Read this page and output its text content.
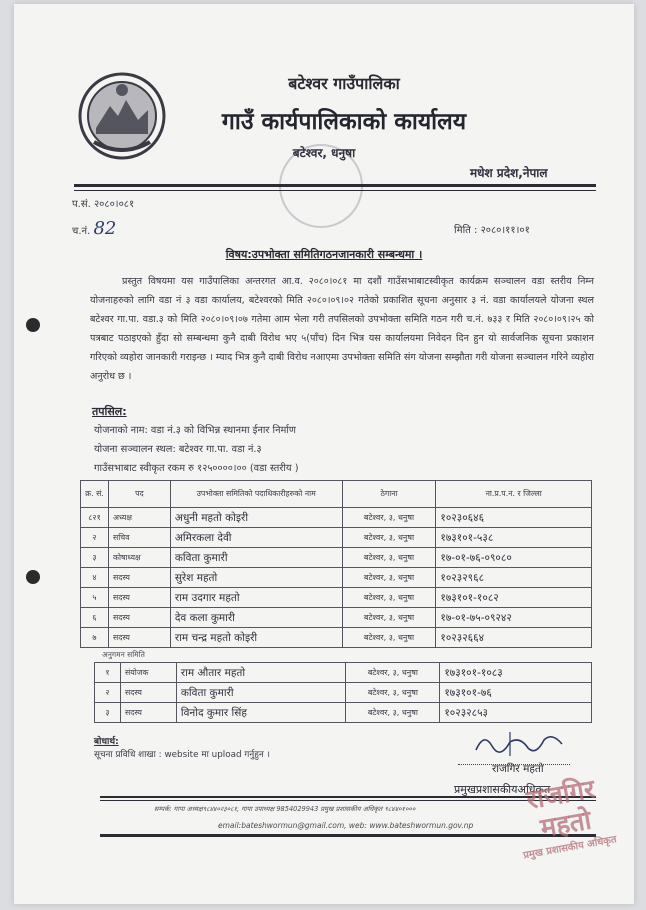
बटेश्वर गाउँपालिका
गाउँ कार्यपालिकाको कार्यालय
बटेश्वर, धनुषा
मधेश प्रदेश,नेपाल
प.सं. २०८०।०८१
च.नं. 82	मिति : २०८०।११।०१
विषय:उपभोक्ता समितिगठनजानकारी सम्बन्धमा ।
प्रस्तुत विषयमा यस गाउँपालिका अन्तरगत आ.व. २०८०।०८१ मा दशौं गाउँसभाबाटस्वीकृत कार्यक्रम सञ्चालन वडा स्तरीय निम्न योजनाहरुको लागि वडा नं ३ वडा कार्यालय, बटेश्वरको मिति २०८०।०९।०२ गतेको प्रकाशित सूचना अनुसार ३ नं. वडा कार्यालयले योजना स्थल बटेश्वर गा.पा. वडा.३ को मिति २०८०।०९।०७ गतेमा आम भेला गरी तपसिलको उपभोक्ता समिति गठन गरी च.नं. ७३३ र मिति २०८०।०९।२५ को पत्रबाट पठाइएको हुँदा सो सम्बन्धमा कुनै दाबी विरोध भए ५(पाँच) दिन भित्र यस कार्यालयमा निवेदन दिन हुन यो सार्वजनिक सूचना प्रकाशन गरिएको व्यहोरा जानकारी गराइन्छ । म्याद भित्र कुनै दाबी विरोध नआएमा उपभोक्ता समिति संग योजना सम्झौता गरी योजना सञ्चालन गरिने व्यहोरा अनुरोध छ ।
तपसिल:
योजनाको नाम: वडा नं.३ को विभिन्न स्थानमा ईनार निर्माण
योजना सञ्चालन स्थल: बटेश्वर गा.पा. वडा नं.३
गाउँसभाबाट स्वीकृत रकम रु १२५००००।०० (वडा स्तरीय )
क्र. सं.	पद	उपभोक्ता समितिको पदाधिकारीहरुको नाम	ठेगाना	ना.प्र.प.न. र जिल्ला
८२१	अध्यक्ष	अधुनी महतो कोइरी	बटेश्वर, ३, धनुषा	१०२३०६४६
२	सचिव	अमिरकला देवी	बटेश्वर, ३, धनुषा	१७३१०१-५३८
३	कोषाध्यक्ष	कविता कुमारी	बटेश्वर, ३, धनुषा	१७-०१-७६-०९०८०
४	सदस्य	सुरेश महतो	बटेश्वर, ३, धनुषा	१०२३२९६८
५	सदस्य	राम उदगार महतो	बटेश्वर, ३, धनुषा	१७३१०१-१०८२
६	सदस्य	देव कला कुमारी	बटेश्वर, ३, धनुषा	१७-०१-७५-०९२४२
७	सदस्य	राम चन्द्र महतो कोइरी	बटेश्वर, ३, धनुषा	१०२३२६६४
अनुगमन समिति
१	संयोजक	राम औतार महतो	बटेश्वर, ३, धनुषा	१७३१०१-१०८३
२	सदस्य	कविता कुमारी	बटेश्वर, ३, धनुषा	१७३१०१-७६
३	सदस्य	विनोद कुमार सिंह	बटेश्वर, ३, धनुषा	१०२३२८५३
बोधार्थ:
सूचना प्रविधि शाखा : website मा upload गर्नुहुन ।
राजगिर महतो
प्रमुखप्रशासकीयअधिकृत
सम्पर्क: गापा अध्यक्ष९८४४०२३०८१, गापा उपाध्यक्ष 9854029943 प्रमुख प्रशासकीय अधिकृत ९८४४०१०००
email:bateshwormun@gmail.com, web: www.bateshwormun.gov.np
राजगिर महतो
प्रमुख प्रशासकीय अधिकृत
